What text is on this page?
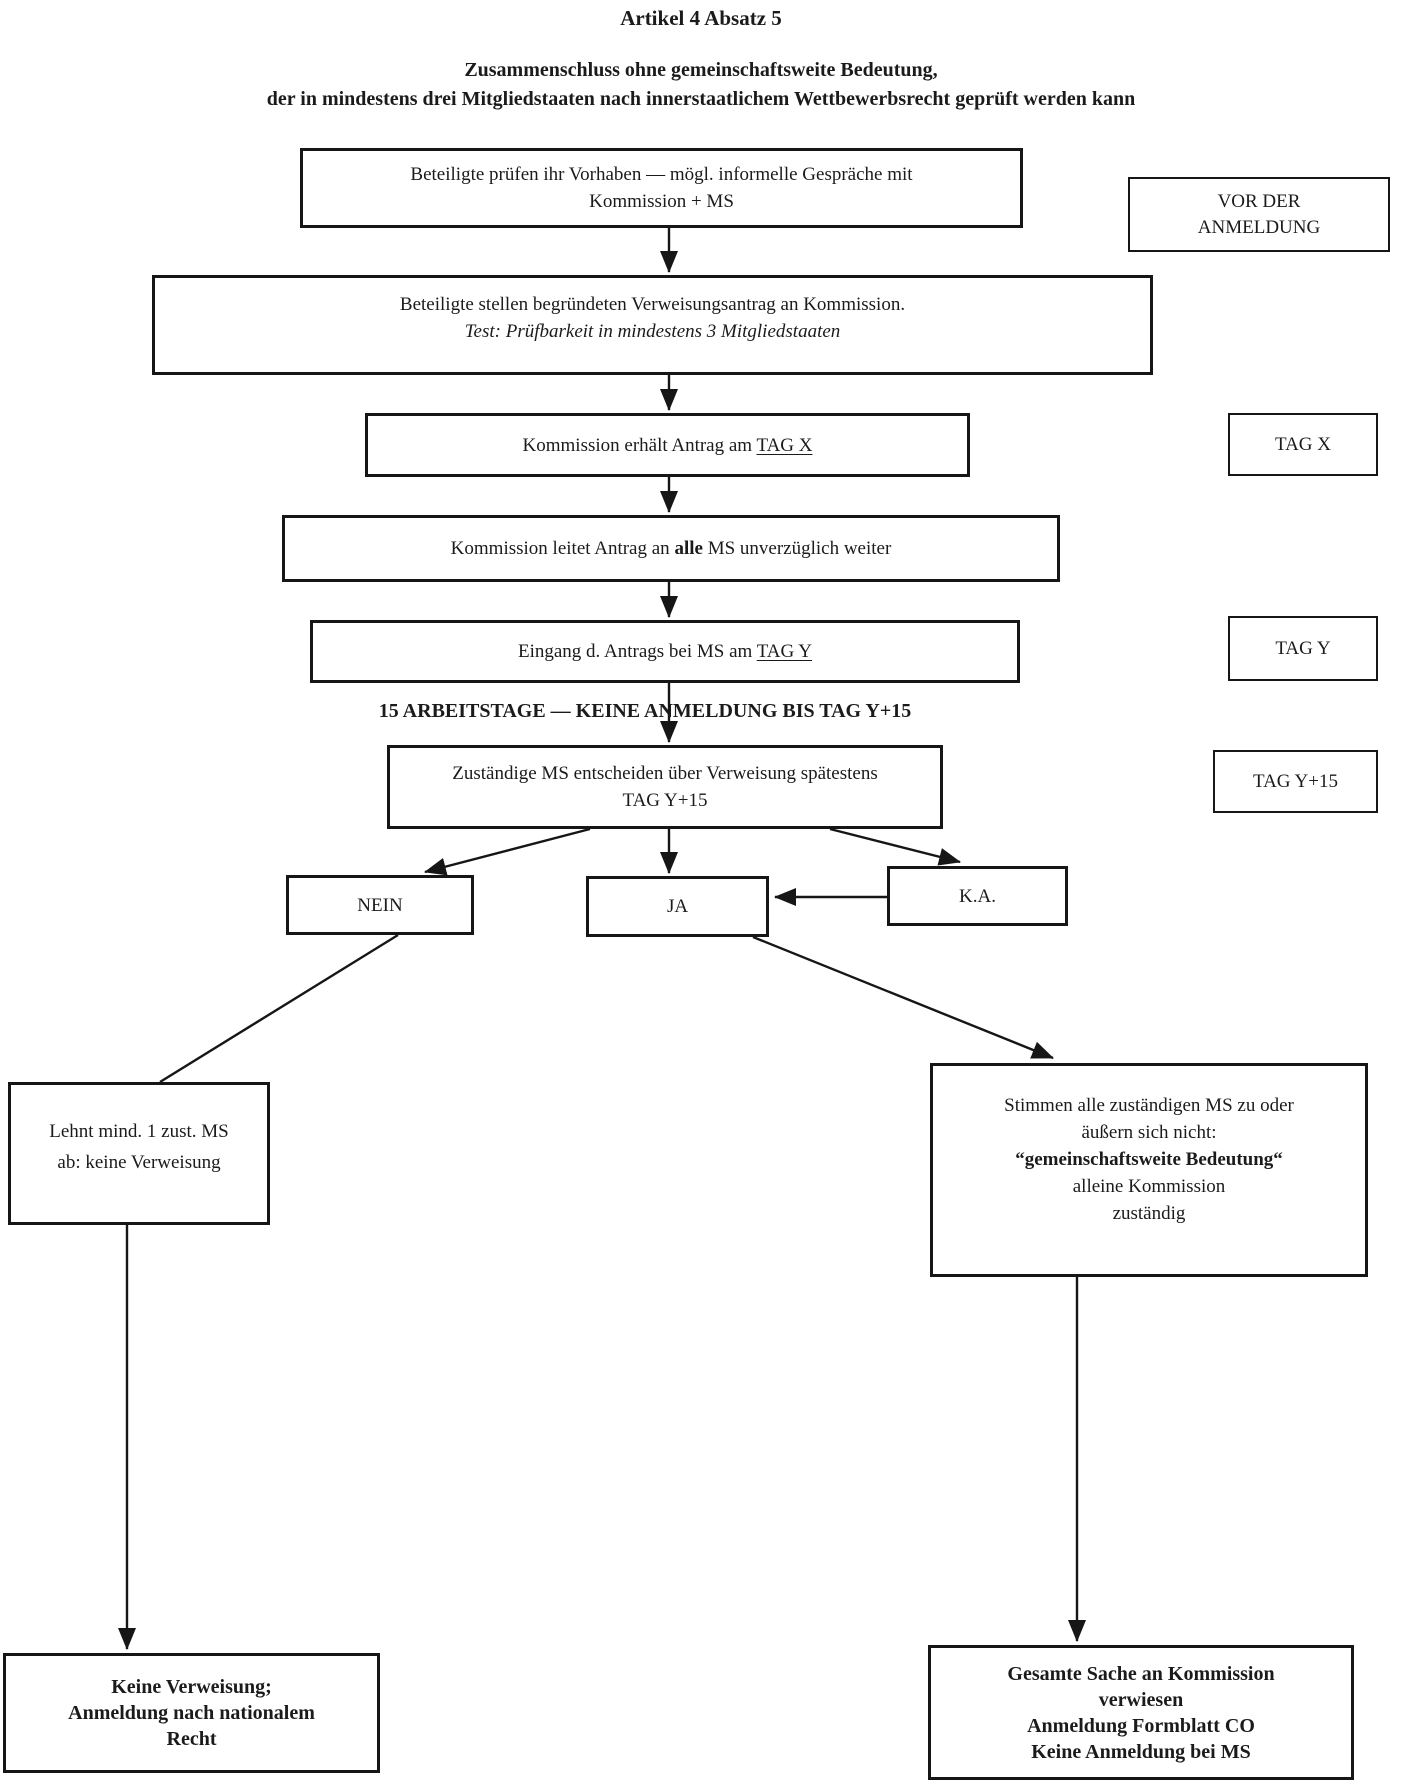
Artikel 4 Absatz 5
Zusammenschluss ohne gemeinschaftsweite Bedeutung,
der in mindestens drei Mitgliedstaaten nach innerstaatlichem Wettbewerbsrecht geprüft werden kann
Beteiligte prüfen ihr Vorhaben — mögl. informelle Gespräche mit
Kommission + MS	VOR DER
ANMELDUNG
Beteiligte stellen begründeten Verweisungsantrag an Kommission.
Test: Prüfbarkeit in mindestens 3 Mitgliedstaaten
Kommission erhält Antrag am TAG X	TAG X
Kommission leitet Antrag an alle MS unverzüglich weiter
Eingang d. Antrags bei MS am TAG Y	TAG Y
15 ARBEITSTAGE — KEINE ANMELDUNG BIS TAG Y+15
Zuständige MS entscheiden über Verweisung spätestens
TAG Y+15
TAG Y+15
NEIN	JA	K.A.
Lehnt mind. 1 zust. MS
ab: keine Verweisung
Stimmen alle zuständigen MS zu oder
äußern sich nicht:
“gemeinschaftsweite Bedeutung“
alleine Kommission
zuständig
Keine Verweisung;
Anmeldung nach nationalem
Recht
Gesamte Sache an Kommission
verwiesen
Anmeldung Formblatt CO
Keine Anmeldung bei MS
